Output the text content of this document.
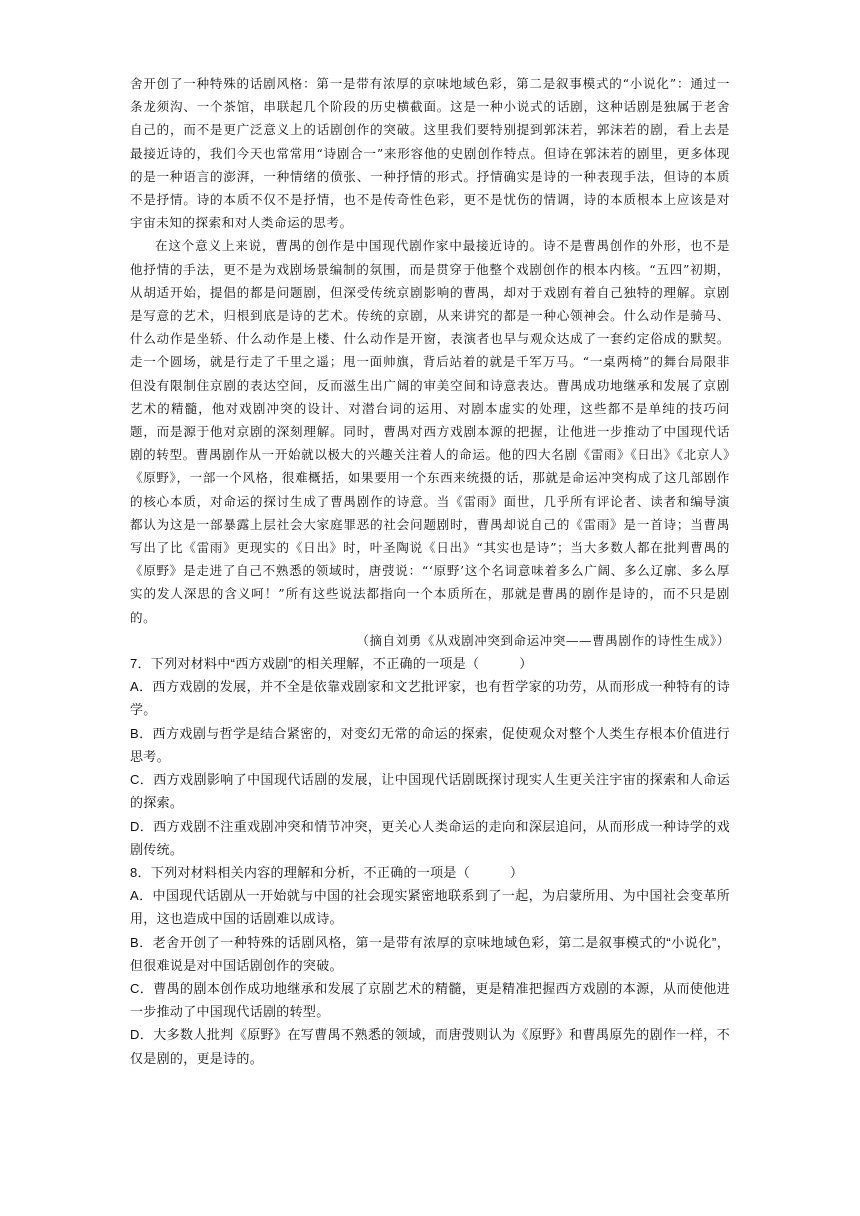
舍开创了一种特殊的话剧风格：第一是带有浓厚的京味地域色彩，第二是叙事模式的“小说化”：通过一条龙须沟、一个茶馆，串联起几个阶段的历史横截面。这是一种小说式的话剧，这种话剧是独属于老舍自己的，而不是更广泛意义上的话剧创作的突破。这里我们要特别提到郭沫若，郭沫若的剧，看上去是最接近诗的，我们今天也常常用“诗剧合一”来形容他的史剧创作特点。但诗在郭沫若的剧里，更多体现的是一种语言的澎湃，一种情绪的偾张、一种抒情的形式。抒情确实是诗的一种表现手法，但诗的本质不是抒情。诗的本质不仅不是抒情，也不是传奇性色彩，更不是忧伤的情调，诗的本质根本上应该是对宇宙未知的探索和对人类命运的思考。

在这个意义上来说，曹禺的创作是中国现代剧作家中最接近诗的。诗不是曹禺创作的外形，也不是他抒情的手法，更不是为戏剧场景编制的氛围，而是贯穿于他整个戏剧创作的根本内核。“五四”初期，从胡适开始，提倡的都是问题剧，但深受传统京剧影响的曹禺，却对于戏剧有着自己独特的理解。京剧是写意的艺术，归根到底是诗的艺术。传统的京剧，从来讲究的都是一种心领神会。什么动作是骑马、什么动作是坐轿、什么动作是上楼、什么动作是开窗，表演者也早与观众达成了一套约定俗成的默契。走一个圆场，就是行走了千里之遥；甩一面帅旗，背后站着的就是千军万马。“一桌两椅”的舞台局限非但没有限制住京剧的表达空间，反而滋生出广阔的审美空间和诗意表达。曹禺成功地继承和发展了京剧艺术的精髓，他对戏剧冲突的设计、对潜台词的运用、对剧本虚实的处理，这些都不是单纯的技巧问题，而是源于他对京剧的深刻理解。同时，曹禺对西方戏剧本源的把握，让他进一步推动了中国现代话剧的转型。曹禺剧作从一开始就以极大的兴趣关注着人的命运。他的四大名剧《雷雨》《日出》《北京人》《原野》，一部一个风格，很难概括，如果要用一个东西来统摄的话，那就是命运冲突构成了这几部剧作的核心本质，对命运的探讨生成了曹禺剧作的诗意。当《雷雨》面世，几乎所有评论者、读者和编导演都认为这是一部暴露上层社会大家庭罪恶的社会问题剧时，曹禺却说自己的《雷雨》是一首诗；当曹禺写出了比《雷雨》更现实的《日出》时，叶圣陶说《日出》“其实也是诗”；当大多数人都在批判曹禺的《原野》是走进了自己不熟悉的领域时，唐弢说：“‘原野’这个名词意味着多么广阔、多么辽廓、多么厚实的发人深思的含义呵！”所有这些说法都指向一个本质所在，那就是曹禺的剧作是诗的，而不只是剧的。

（摘自刘勇《从戏剧冲突到命运冲突——曹禺剧作的诗性生成》）

7．下列对材料中“西方戏剧”的相关理解，不正确的一项是（　　　）

A．西方戏剧的发展，并不全是依靠戏剧家和文艺批评家，也有哲学家的功劳，从而形成一种特有的诗学。

B．西方戏剧与哲学是结合紧密的，对变幻无常的命运的探索，促使观众对整个人类生存根本价值进行思考。

C．西方戏剧影响了中国现代话剧的发展，让中国现代话剧既探讨现实人生更关注宇宙的探索和人命运的探索。

D．西方戏剧不注重戏剧冲突和情节冲突，更关心人类命运的走向和深层追问，从而形成一种诗学的戏剧传统。

8．下列对材料相关内容的理解和分析，不正确的一项是（　　　）

A．中国现代话剧从一开始就与中国的社会现实紧密地联系到了一起，为启蒙所用、为中国社会变革所用，这也造成中国的话剧难以成诗。

B．老舍开创了一种特殊的话剧风格，第一是带有浓厚的京味地域色彩，第二是叙事模式的“小说化”，但很难说是对中国话剧创作的突破。

C．曹禺的剧本创作成功地继承和发展了京剧艺术的精髓，更是精准把握西方戏剧的本源，从而使他进一步推动了中国现代话剧的转型。

D．大多数人批判《原野》在写曹禺不熟悉的领域，而唐弢则认为《原野》和曹禺原先的剧作一样，不仅是剧的，更是诗的。
